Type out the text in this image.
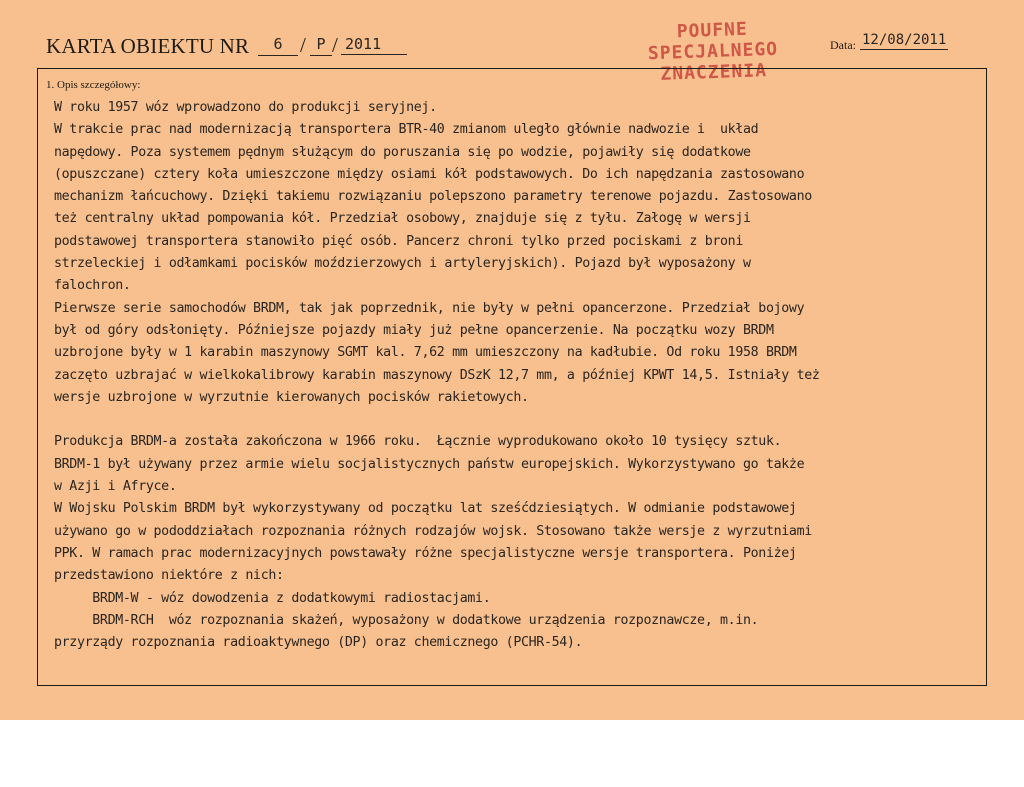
KARTA OBIEKTU NR	6 / P / 2011
POUFNE
SPECJALNEGO
ZNACZENIA
Data: 12/08/2011
1. Opis szczegółowy:
W roku 1957 wóz wprowadzono do produkcji seryjnej.
W trakcie prac nad modernizacją transportera BTR-40 zmianom uległo głównie nadwozie i  układ
napędowy. Poza systemem pędnym służącym do poruszania się po wodzie, pojawiły się dodatkowe
(opuszczane) cztery koła umieszczone między osiami kół podstawowych. Do ich napędzania zastosowano
mechanizm łańcuchowy. Dzięki takiemu rozwiązaniu polepszono parametry terenowe pojazdu. Zastosowano
też centralny układ pompowania kół. Przedział osobowy, znajduje się z tyłu. Załogę w wersji
podstawowej transportera stanowiło pięć osób. Pancerz chroni tylko przed pociskami z broni
strzeleckiej i odłamkami pocisków moździerzowych i artyleryjskich). Pojazd był wyposażony w
falochron.
Pierwsze serie samochodów BRDM, tak jak poprzednik, nie były w pełni opancerzone. Przedział bojowy
był od góry odsłonięty. Późniejsze pojazdy miały już pełne opancerzenie. Na początku wozy BRDM
uzbrojone były w 1 karabin maszynowy SGMT kal. 7,62 mm umieszczony na kadłubie. Od roku 1958 BRDM
zaczęto uzbrajać w wielkokalibrowy karabin maszynowy DSzK 12,7 mm, a później KPWT 14,5. Istniały też
wersje uzbrojone w wyrzutnie kierowanych pocisków rakietowych.
Produkcja BRDM-a została zakończona w 1966 roku.  Łącznie wyprodukowano około 10 tysięcy sztuk.
BRDM-1 był używany przez armie wielu socjalistycznych państw europejskich. Wykorzystywano go także
w Azji i Afryce.
W Wojsku Polskim BRDM był wykorzystywany od początku lat sześćdziesiątych. W odmianie podstawowej
używano go w pododdziałach rozpoznania różnych rodzajów wojsk. Stosowano także wersje z wyrzutniami
PPK. W ramach prac modernizacyjnych powstawały różne specjalistyczne wersje transportera. Poniżej
przedstawiono niektóre z nich:
BRDM-W - wóz dowodzenia z dodatkowymi radiostacjami.
BRDM-RCH  wóz rozpoznania skażeń, wyposażony w dodatkowe urządzenia rozpoznawcze, m.in.
przyrządy rozpoznania radioaktywnego (DP) oraz chemicznego (PCHR-54).
